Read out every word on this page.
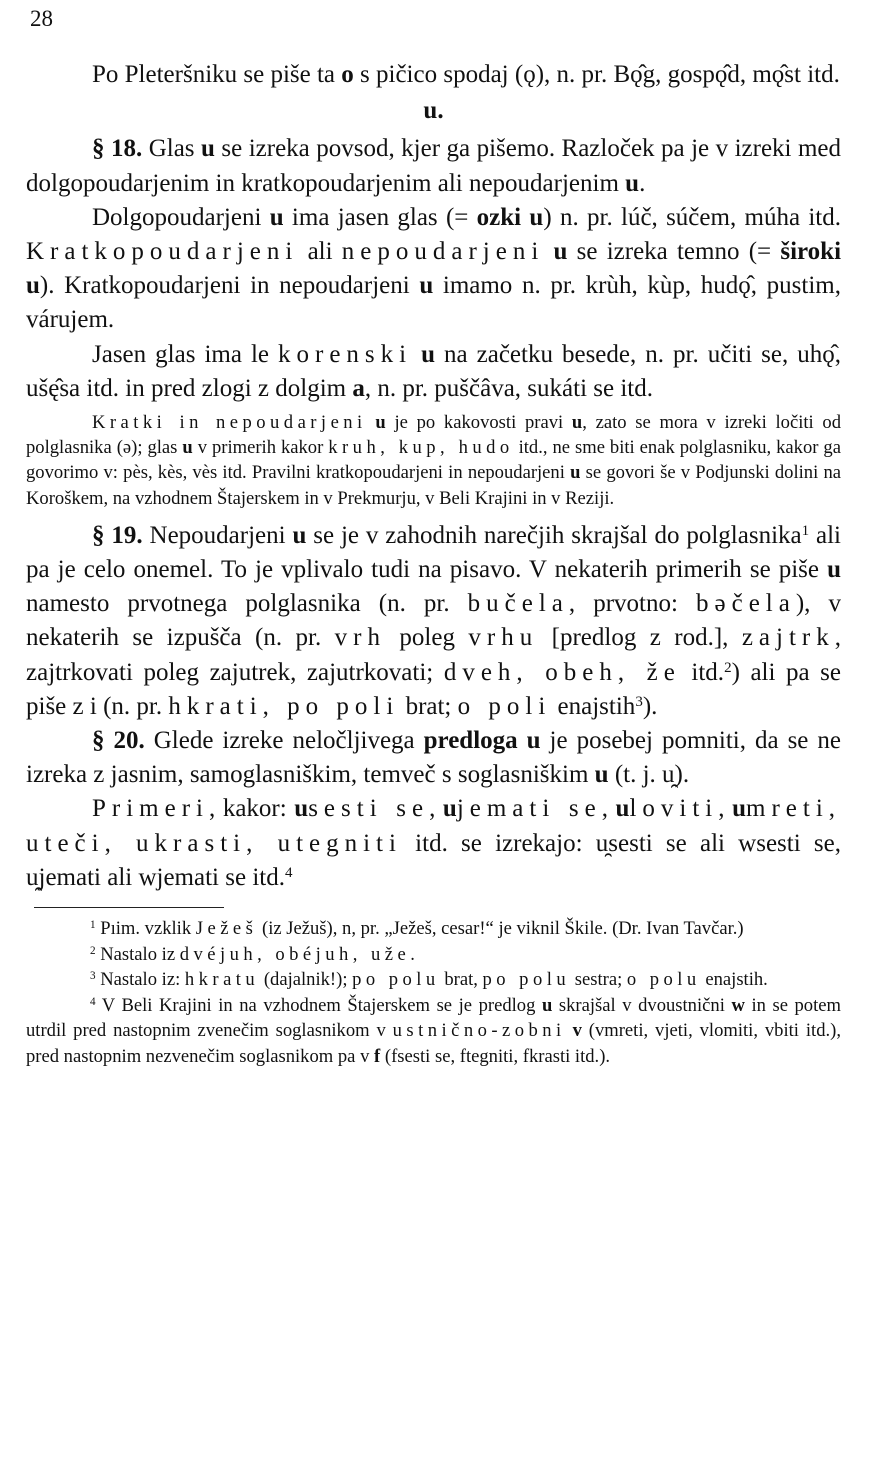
28

Po Pleteršniku se piše ta o s pičico spodaj (ǫ), n. pr. Bǫ̂g, gospǫ̂d, mǫ̂st itd.

u.

§ 18. Glas u se izreka povsod, kjer ga pišemo. Razloček pa je v izreki med dolgopoudarjenim in kratkopoudarjenim ali nepoudarjenim u.

Dolgopoudarjeni u ima jasen glas (= ozki u) n. pr. lúč, súčem, múha itd. Kratkopoudarjeni ali nepoudarjeni u se izreka temno (= široki u). Kratkopoudarjeni in nepoudarjeni u imamo n. pr. krùh, kùp, hudǫ̂, pustim, várujem.

Jasen glas ima le korenski u na začetku besede, n. pr. učiti se, uhǫ̂, ušę̂sa itd. in pred zlogi z dolgim a, n. pr. puščâva, sukáti se itd.

Kratki in nepoudarjeni u je po kakovosti pravi u, zato se mora v izreki ločiti od polglasnika (ə); glas u v primerih kakor kruh, kup, hudo itd., ne sme biti enak polglasniku, kakor ga govorimo v: pès, kès, vès itd. Pravilni kratkopoudarjeni in nepoudarjeni u se govori še v Podjunski dolini na Koroškem, na vzhodnem Štajerskem in v Prekmurju, v Beli Krajini in v Reziji.

§ 19. Nepoudarjeni u se je v zahodnih narečjih skrajšal do polglasnika$^1$ ali pa je celo onemel. To je vplivalo tudi na pisavo. V nekaterih primerih se piše u namesto prvotnega polglasnika (n. pr. bučela, prvotno: bəčela), v nekaterih se izpušča (n. pr. vrh poleg vrhu [predlog z rod.], zajtrk, zajtrkovati poleg zajutrek, zajutrkovati; dveh, obeh, že itd.$^2$) ali pa se piše z i (n. pr. hkrati, po poli brat; o poli enajstih$^3$).

§ 20. Glede izreke neločljivega predloga u je posebej pomniti, da se ne izreka z jasnim, samoglasniškim, temveč s soglasniškim u (t. j. u̯).

Primeri, kakor: usesti se, ujemati se, uloviti, umreti, uteči, ukrasti, utegniti itd. se izrekajo: u̯sesti se ali wsesti se, u̯jemati ali wjemati se itd.$^4$

$^1$ Pıim. vzklik Ježeš (iz Ježuš), n, pr. „Ježeš, cesar!“ je viknil Škile. (Dr. Ivan Tavčar.)

$^2$ Nastalo iz dvéjuh, obéjuh, uže.

$^3$ Nastalo iz: hkratu (dajalnik!); po polu brat, po polu sestra; o polu enajstih.

$^4$ V Beli Krajini in na vzhodnem Štajerskem se je predlog u skrajšal v dvoustnični w in se potem utrdil pred nastopnim zvenečim soglasnikom v ustnično-zobni v (vmreti, vjeti, vlomiti, vbiti itd.), pred nastopnim nezvenečim soglasnikom pa v f (fsesti se, ftegniti, fkrasti itd.).
